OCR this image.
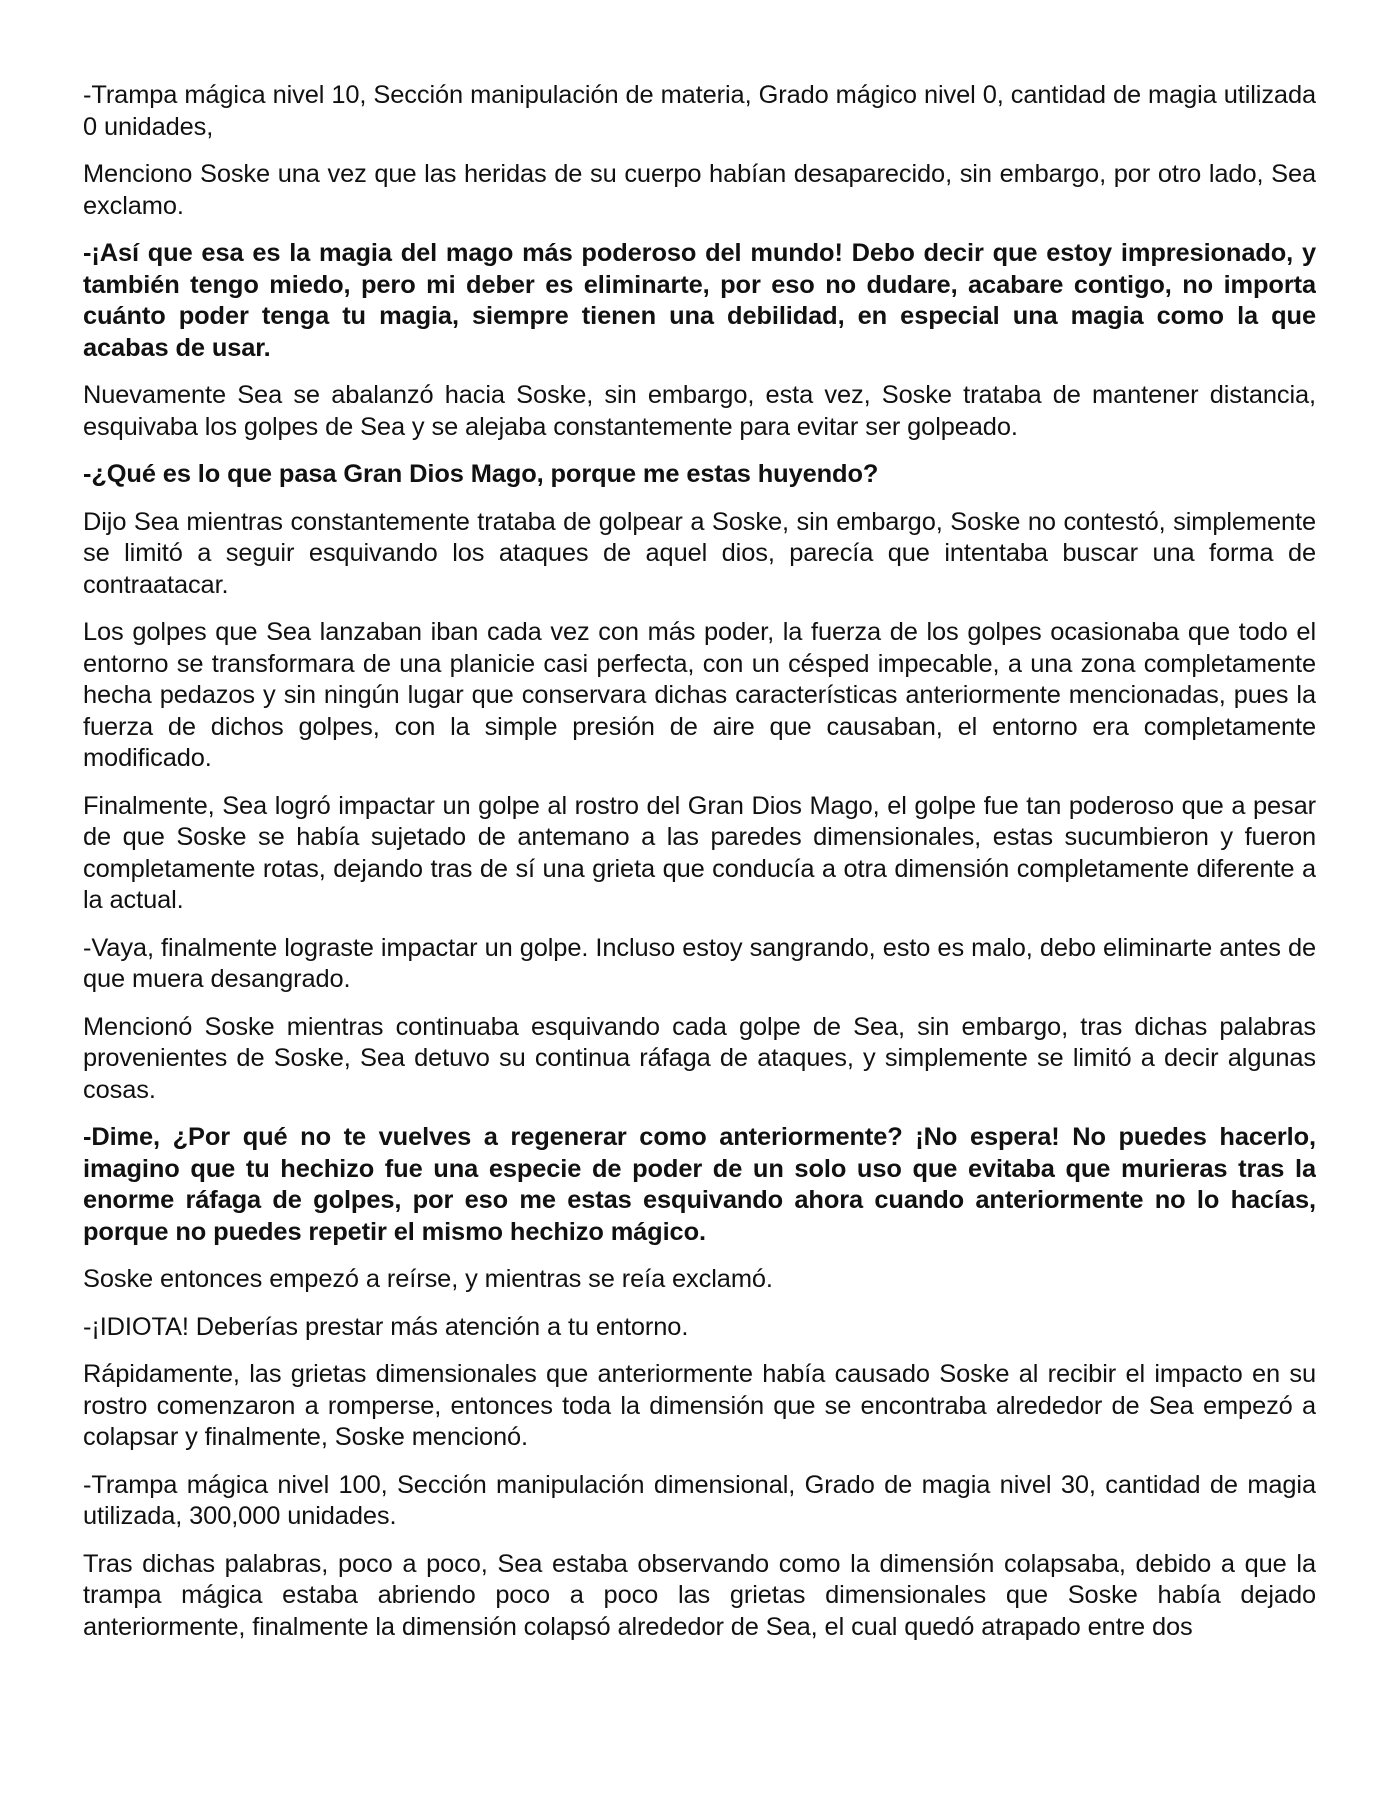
-Trampa mágica nivel 10, Sección manipulación de materia, Grado mágico nivel 0, cantidad de magia utilizada 0 unidades,

Menciono Soske una vez que las heridas de su cuerpo habían desaparecido, sin embargo, por otro lado, Sea exclamo.

-¡Así que esa es la magia del mago más poderoso del mundo! Debo decir que estoy impresionado, y también tengo miedo, pero mi deber es eliminarte, por eso no dudare, acabare contigo, no importa cuánto poder tenga tu magia, siempre tienen una debilidad, en especial una magia como la que acabas de usar.

Nuevamente Sea se abalanzó hacia Soske, sin embargo, esta vez, Soske trataba de mantener distancia, esquivaba los golpes de Sea y se alejaba constantemente para evitar ser golpeado.

-¿Qué es lo que pasa Gran Dios Mago, porque me estas huyendo?

Dijo Sea mientras constantemente trataba de golpear a Soske, sin embargo, Soske no contestó, simplemente se limitó a seguir esquivando los ataques de aquel dios, parecía que intentaba buscar una forma de contraatacar.

Los golpes que Sea lanzaban iban cada vez con más poder, la fuerza de los golpes ocasionaba que todo el entorno se transformara de una planicie casi perfecta, con un césped impecable, a una zona completamente hecha pedazos y sin ningún lugar que conservara dichas características anteriormente mencionadas, pues la fuerza de dichos golpes, con la simple presión de aire que causaban, el entorno era completamente modificado.

Finalmente, Sea logró impactar un golpe al rostro del Gran Dios Mago, el golpe fue tan poderoso que a pesar de que Soske se había sujetado de antemano a las paredes dimensionales, estas sucumbieron y fueron completamente rotas, dejando tras de sí una grieta que conducía a otra dimensión completamente diferente a la actual.

-Vaya, finalmente lograste impactar un golpe. Incluso estoy sangrando, esto es malo, debo eliminarte antes de que muera desangrado.

Mencionó Soske mientras continuaba esquivando cada golpe de Sea, sin embargo, tras dichas palabras provenientes de Soske, Sea detuvo su continua ráfaga de ataques, y simplemente se limitó a decir algunas cosas.

-Dime, ¿Por qué no te vuelves a regenerar como anteriormente? ¡No espera! No puedes hacerlo, imagino que tu hechizo fue una especie de poder de un solo uso que evitaba que murieras tras la enorme ráfaga de golpes, por eso me estas esquivando ahora cuando anteriormente no lo hacías, porque no puedes repetir el mismo hechizo mágico.

Soske entonces empezó a reírse, y mientras se reía exclamó.

-¡IDIOTA! Deberías prestar más atención a tu entorno.

Rápidamente, las grietas dimensionales que anteriormente había causado Soske al recibir el impacto en su rostro comenzaron a romperse, entonces toda la dimensión que se encontraba alrededor de Sea empezó a colapsar y finalmente, Soske mencionó.

-Trampa mágica nivel 100, Sección manipulación dimensional, Grado de magia nivel 30, cantidad de magia utilizada, 300,000 unidades.

Tras dichas palabras, poco a poco, Sea estaba observando como la dimensión colapsaba, debido a que la trampa mágica estaba abriendo poco a poco las grietas dimensionales que Soske había dejado anteriormente, finalmente la dimensión colapsó alrededor de Sea, el cual quedó atrapado entre dos
